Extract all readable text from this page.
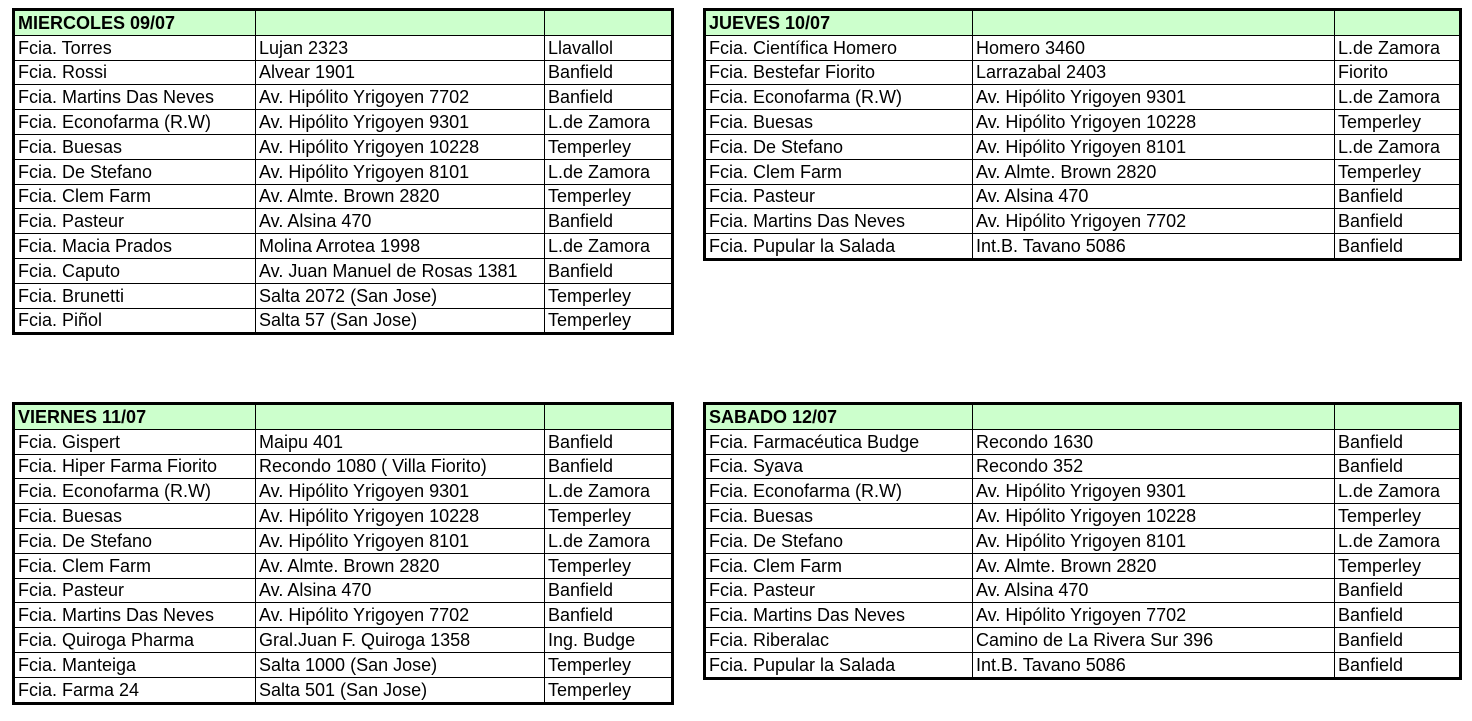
MIERCOLES 09/07		
Fcia. Torres	Lujan 2323	Llavallol
Fcia. Rossi	Alvear 1901	Banfield
Fcia. Martins Das Neves	Av. Hipólito Yrigoyen 7702	Banfield
Fcia. Econofarma (R.W)	Av. Hipólito Yrigoyen 9301	L.de Zamora
Fcia. Buesas	Av. Hipólito Yrigoyen 10228	Temperley
Fcia. De Stefano	Av. Hipólito Yrigoyen 8101	L.de Zamora
Fcia. Clem Farm	Av. Almte. Brown 2820	Temperley
Fcia. Pasteur	Av. Alsina 470	Banfield
Fcia. Macia Prados	Molina Arrotea 1998	L.de Zamora
Fcia. Caputo	Av. Juan Manuel de Rosas 1381	Banfield
Fcia. Brunetti	Salta 2072 (San Jose)	Temperley
Fcia. Piñol	Salta 57 (San Jose)	Temperley
JUEVES 10/07		
Fcia. Científica Homero	Homero 3460	L.de Zamora
Fcia. Bestefar Fiorito	Larrazabal 2403	Fiorito
Fcia. Econofarma (R.W)	Av. Hipólito Yrigoyen 9301	L.de Zamora
Fcia. Buesas	Av. Hipólito Yrigoyen 10228	Temperley
Fcia. De Stefano	Av. Hipólito Yrigoyen 8101	L.de Zamora
Fcia. Clem Farm	Av. Almte. Brown 2820	Temperley
Fcia. Pasteur	Av. Alsina 470	Banfield
Fcia. Martins Das Neves	Av. Hipólito Yrigoyen 7702	Banfield
Fcia. Pupular la Salada	Int.B. Tavano 5086	Banfield
VIERNES 11/07		
Fcia. Gispert	Maipu 401	Banfield
Fcia. Hiper Farma Fiorito	Recondo 1080 ( Villa Fiorito)	Banfield
Fcia. Econofarma (R.W)	Av. Hipólito Yrigoyen 9301	L.de Zamora
Fcia. Buesas	Av. Hipólito Yrigoyen 10228	Temperley
Fcia. De Stefano	Av. Hipólito Yrigoyen 8101	L.de Zamora
Fcia. Clem Farm	Av. Almte. Brown 2820	Temperley
Fcia. Pasteur	Av. Alsina 470	Banfield
Fcia. Martins Das Neves	Av. Hipólito Yrigoyen 7702	Banfield
Fcia. Quiroga Pharma	Gral.Juan F. Quiroga 1358	Ing. Budge
Fcia. Manteiga	Salta 1000 (San Jose)	Temperley
Fcia. Farma 24	Salta 501 (San Jose)	Temperley
SABADO 12/07		
Fcia. Farmacéutica Budge	Recondo 1630	Banfield
Fcia. Syava	Recondo 352	Banfield
Fcia. Econofarma (R.W)	Av. Hipólito Yrigoyen 9301	L.de Zamora
Fcia. Buesas	Av. Hipólito Yrigoyen 10228	Temperley
Fcia. De Stefano	Av. Hipólito Yrigoyen 8101	L.de Zamora
Fcia. Clem Farm	Av. Almte. Brown 2820	Temperley
Fcia. Pasteur	Av. Alsina 470	Banfield
Fcia. Martins Das Neves	Av. Hipólito Yrigoyen 7702	Banfield
Fcia. Riberalac	Camino de La Rivera Sur 396	Banfield
Fcia. Pupular la Salada	Int.B. Tavano 5086	Banfield
